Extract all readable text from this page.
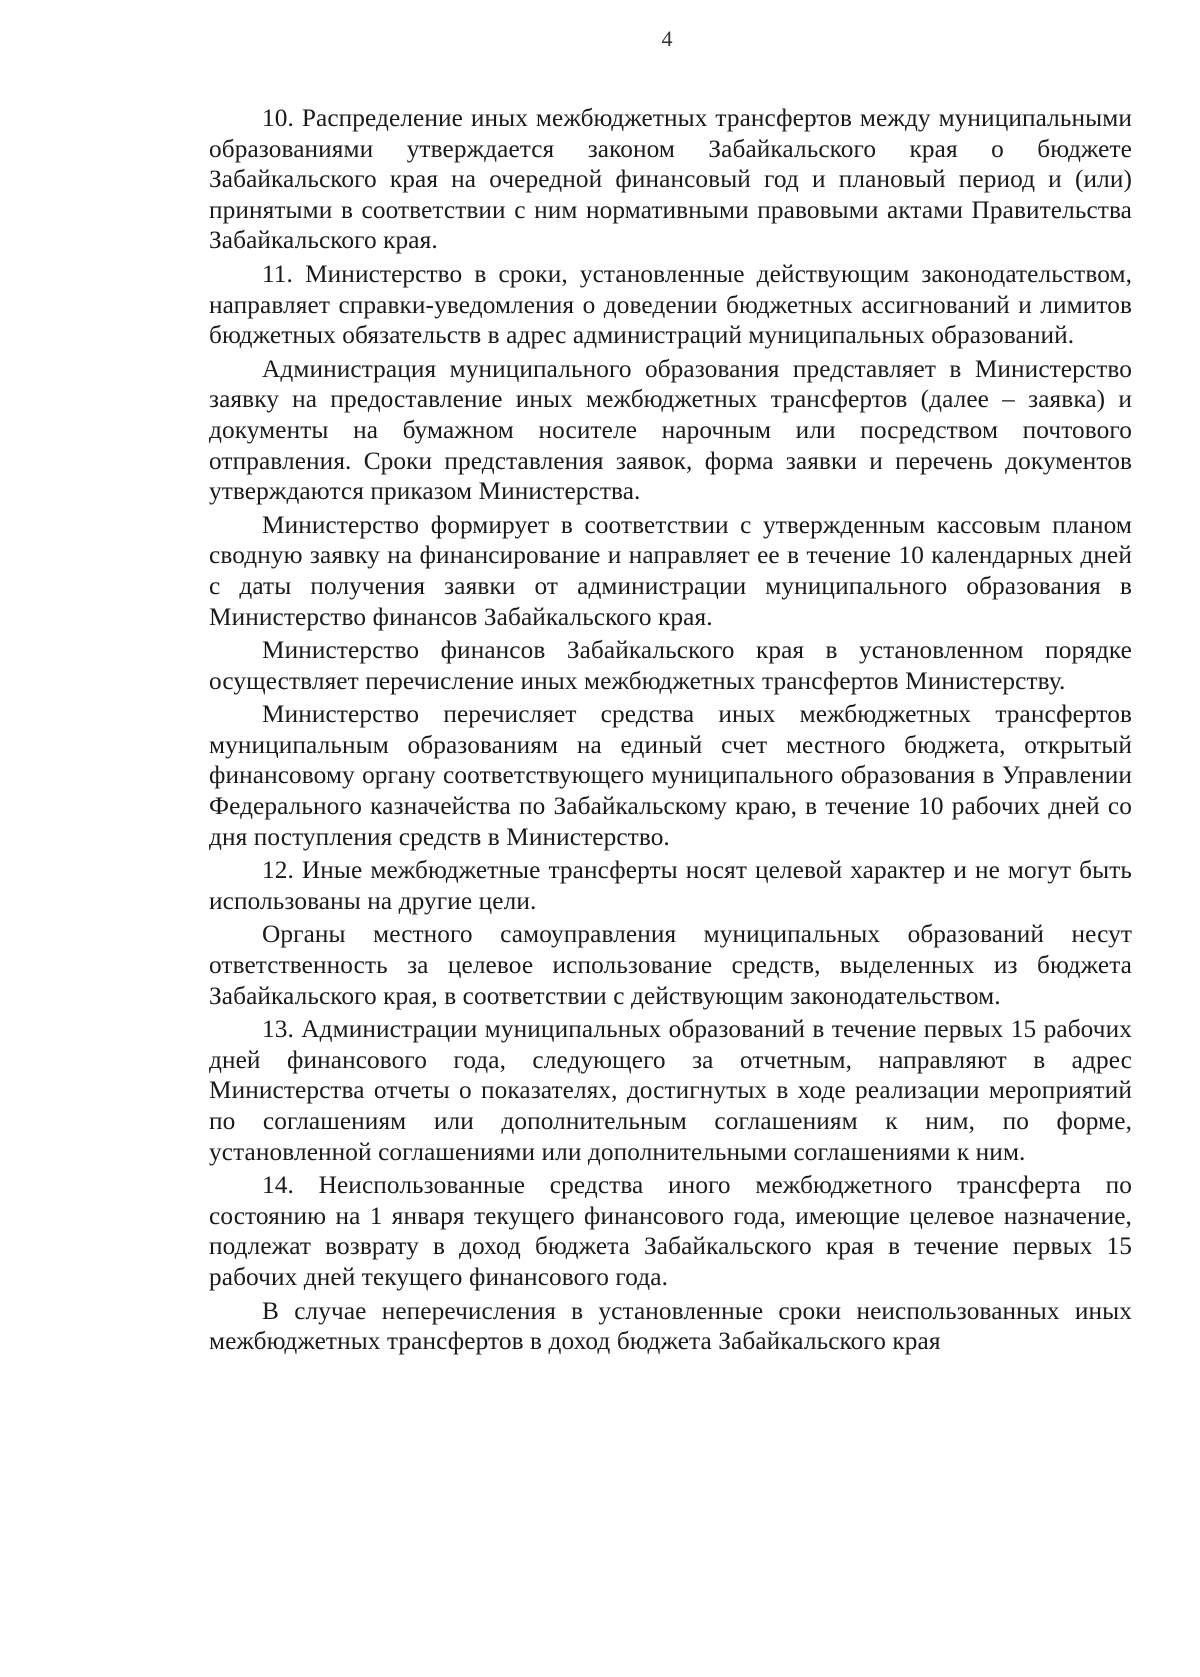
4

10. Распределение иных межбюджетных трансфертов между муниципальными образованиями утверждается законом Забайкальского края о бюджете Забайкальского края на очередной финансовый год и плановый период и (или) принятыми в соответствии с ним нормативными правовыми актами Правительства Забайкальского края.

11. Министерство в сроки, установленные действующим законодательством, направляет справки-уведомления о доведении бюджетных ассигнований и лимитов бюджетных обязательств в адрес администраций муниципальных образований.

Администрация муниципального образования представляет в Министерство заявку на предоставление иных межбюджетных трансфертов (далее – заявка) и документы на бумажном носителе нарочным или посредством почтового отправления. Сроки представления заявок, форма заявки и перечень документов утверждаются приказом Министерства.

Министерство формирует в соответствии с утвержденным кассовым планом сводную заявку на финансирование и направляет ее в течение 10 календарных дней с даты получения заявки от администрации муниципального образования в Министерство финансов Забайкальского края.

Министерство финансов Забайкальского края в установленном порядке осуществляет перечисление иных межбюджетных трансфертов Министерству.

Министерство перечисляет средства иных межбюджетных трансфертов муниципальным образованиям на единый счет местного бюджета, открытый финансовому органу соответствующего муниципального образования в Управлении Федерального казначейства по Забайкальскому краю, в течение 10 рабочих дней со дня поступления средств в Министерство.

12. Иные межбюджетные трансферты носят целевой характер и не могут быть использованы на другие цели.

Органы местного самоуправления муниципальных образований несут ответственность за целевое использование средств, выделенных из бюджета Забайкальского края, в соответствии с действующим законодательством.

13. Администрации муниципальных образований в течение первых 15 рабочих дней финансового года, следующего за отчетным, направляют в адрес Министерства отчеты о показателях, достигнутых в ходе реализации мероприятий по соглашениям или дополнительным соглашениям к ним, по форме, установленной соглашениями или дополнительными соглашениями к ним.

14. Неиспользованные средства иного межбюджетного трансферта по состоянию на 1 января текущего финансового года, имеющие целевое назначение, подлежат возврату в доход бюджета Забайкальского края в течение первых 15 рабочих дней текущего финансового года.

В случае неперечисления в установленные сроки неиспользованных иных межбюджетных трансфертов в доход бюджета Забайкальского края
